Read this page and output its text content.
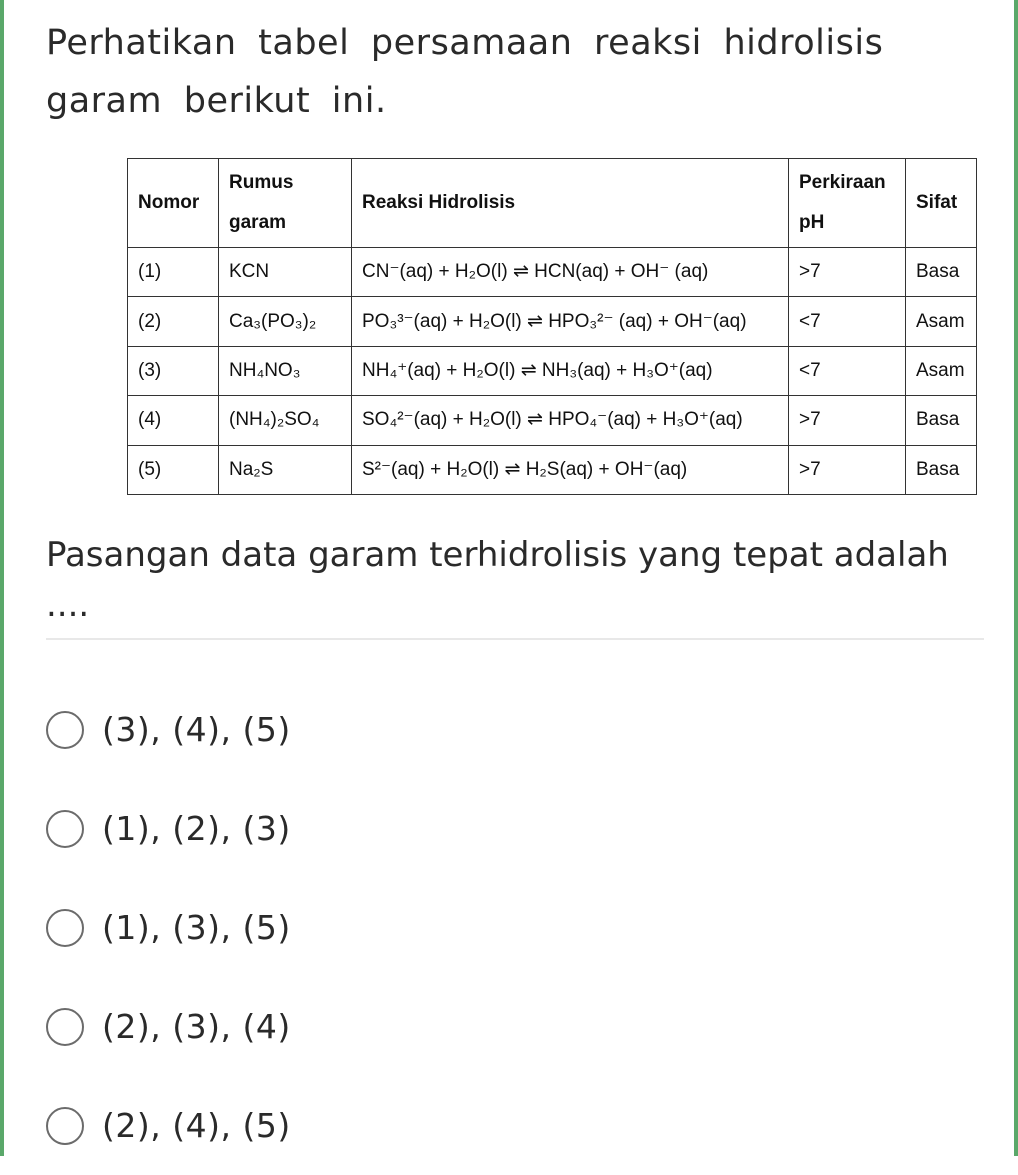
Perhatikan tabel persamaan reaksi hidrolisis garam berikut ini.
Nomor	Rumus garam	Reaksi Hidrolisis	Perkiraan pH	Sifat
(1)	KCN	CN⁻(aq) + H₂O(l) ⇌ HCN(aq) + OH⁻ (aq)	>7	Basa
(2)	Ca₃(PO₃)₂	PO₃³⁻(aq) + H₂O(l) ⇌ HPO₃²⁻ (aq) + OH⁻(aq)	<7	Asam
(3)	NH₄NO₃	NH₄⁺(aq) + H₂O(l) ⇌ NH₃(aq) + H₃O⁺(aq)	<7	Asam
(4)	(NH₄)₂SO₄	SO₄²⁻(aq) + H₂O(l) ⇌ HPO₄⁻(aq) + H₃O⁺(aq)	>7	Basa
(5)	Na₂S	S²⁻(aq) + H₂O(l) ⇌ H₂S(aq) + OH⁻(aq)	>7	Basa
Pasangan data garam terhidrolisis yang tepat adalah ....
(3), (4), (5)
(1), (2), (3)
(1), (3), (5)
(2), (3), (4)
(2), (4), (5)
